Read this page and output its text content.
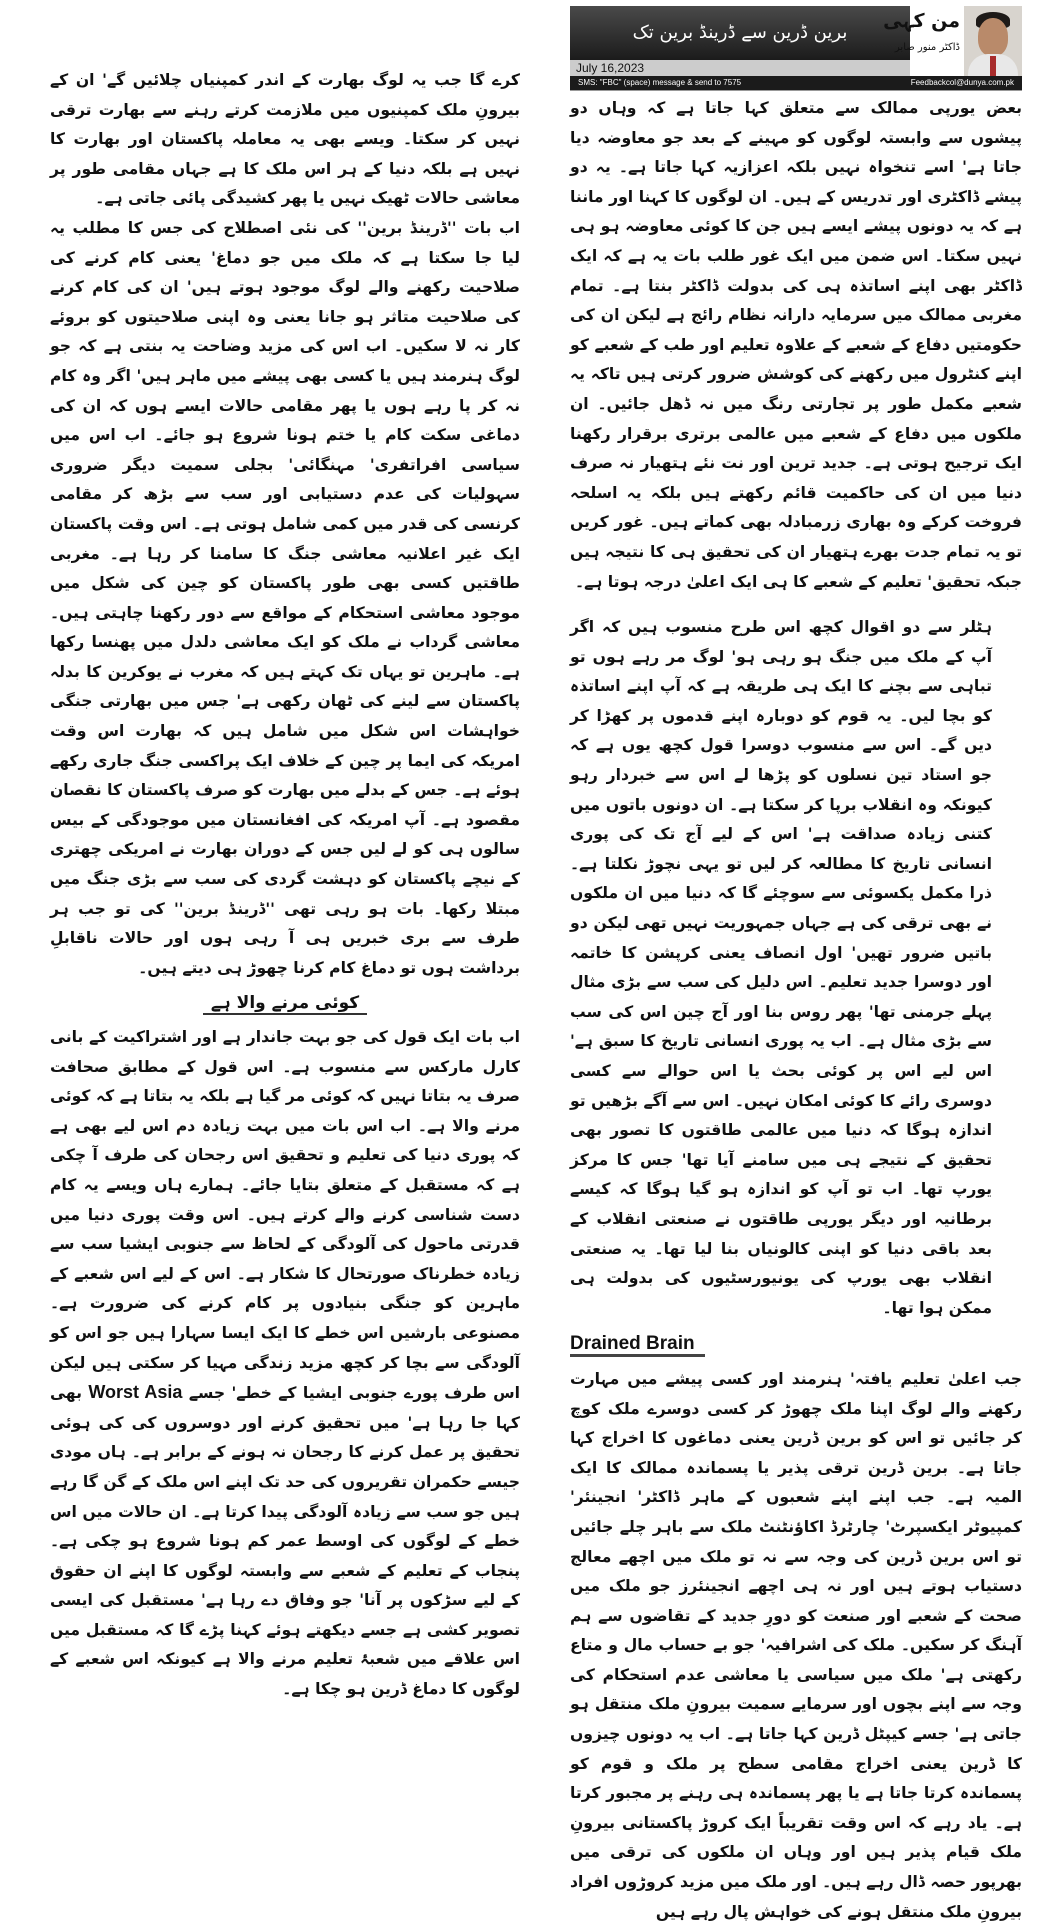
برین ڈرین سے ڈرینڈ برین تک
July 16,2023
SMS: "FBC" (space) message & send to 7575	Feedbackcol@dunya.com.pk
من کہی
ڈاکٹر منور صابر

بعض یورپی ممالک سے متعلق کہا جاتا ہے کہ وہاں دو پیشوں سے وابستہ لوگوں کو مہینے کے بعد جو معاوضہ دیا جاتا ہے' اسے تنخواہ نہیں بلکہ اعزازیہ کہا جاتا ہے۔ یہ دو پیشے ڈاکٹری اور تدریس کے ہیں۔ ان لوگوں کا کہنا اور ماننا ہے کہ یہ دونوں پیشے ایسے ہیں جن کا کوئی معاوضہ ہو ہی نہیں سکتا۔ اس ضمن میں ایک غور طلب بات یہ ہے کہ ایک ڈاکٹر بھی اپنے اساتذہ ہی کی بدولت ڈاکٹر بنتا ہے۔ تمام مغربی ممالک میں سرمایہ دارانہ نظام رائج ہے لیکن ان کی حکومتیں دفاع کے شعبے کے علاوہ تعلیم اور طب کے شعبے کو اپنے کنٹرول میں رکھنے کی کوشش ضرور کرتی ہیں تاکہ یہ شعبے مکمل طور پر تجارتی رنگ میں نہ ڈھل جائیں۔ ان ملکوں میں دفاع کے شعبے میں عالمی برتری برقرار رکھنا ایک ترجیح ہوتی ہے۔ جدید ترین اور نت نئے ہتھیار نہ صرف دنیا میں ان کی حاکمیت قائم رکھتے ہیں بلکہ یہ اسلحہ فروخت کرکے وہ بھاری زرمبادلہ بھی کماتے ہیں۔ غور کریں تو یہ تمام جدت بھرے ہتھیار ان کی تحقیق ہی کا نتیجہ ہیں جبکہ تحقیق' تعلیم کے شعبے کا ہی ایک اعلیٰ درجہ ہوتا ہے۔

ہٹلر سے دو اقوال کچھ اس طرح منسوب ہیں کہ اگر آپ کے ملک میں جنگ ہو رہی ہو' لوگ مر رہے ہوں تو تباہی سے بچنے کا ایک ہی طریقہ ہے کہ آپ اپنے اساتذہ کو بچا لیں۔ یہ قوم کو دوبارہ اپنے قدموں پر کھڑا کر دیں گے۔ اس سے منسوب دوسرا قول کچھ یوں ہے کہ جو استاد تین نسلوں کو پڑھا لے اس سے خبردار رہو کیونکہ وہ انقلاب برپا کر سکتا ہے۔ ان دونوں باتوں میں کتنی زیادہ صداقت ہے' اس کے لیے آج تک کی پوری انسانی تاریخ کا مطالعہ کر لیں تو یہی نچوڑ نکلتا ہے۔ ذرا مکمل یکسوئی سے سوچئے گا کہ دنیا میں ان ملکوں نے بھی ترقی کی ہے جہاں جمہوریت نہیں تھی لیکن دو باتیں ضرور تھیں' اول انصاف یعنی کرپشن کا خاتمہ اور دوسرا جدید تعلیم۔ اس دلیل کی سب سے بڑی مثال پہلے جرمنی تھا' پھر روس بنا اور آج چین اس کی سب سے بڑی مثال ہے۔ اب یہ پوری انسانی تاریخ کا سبق ہے' اس لیے اس پر کوئی بحث یا اس حوالے سے کسی دوسری رائے کا کوئی امکان نہیں۔ اس سے آگے بڑھیں تو اندازہ ہوگا کہ دنیا میں عالمی طاقتوں کا تصور بھی تحقیق کے نتیجے ہی میں سامنے آیا تھا' جس کا مرکز یورپ تھا۔ اب تو آپ کو اندازہ ہو گیا ہوگا کہ کیسے برطانیہ اور دیگر یورپی طاقتوں نے صنعتی انقلاب کے بعد باقی دنیا کو اپنی کالونیاں بنا لیا تھا۔ یہ صنعتی انقلاب بھی یورپ کی یونیورسٹیوں کی بدولت ہی ممکن ہوا تھا۔

Drained Brain

جب اعلیٰ تعلیم یافتہ' ہنرمند اور کسی پیشے میں مہارت رکھنے والے لوگ اپنا ملک چھوڑ کر کسی دوسرے ملک کوچ کر جائیں تو اس کو برین ڈرین یعنی دماغوں کا اخراج کہا جاتا ہے۔ برین ڈرین ترقی پذیر یا پسماندہ ممالک کا ایک المیہ ہے۔ جب اپنے اپنے شعبوں کے ماہر ڈاکٹر' انجینئر' کمپیوٹر ایکسپرٹ' چارٹرڈ اکاؤنٹنٹ ملک سے باہر چلے جائیں تو اس برین ڈرین کی وجہ سے نہ تو ملک میں اچھے معالج دستیاب ہوتے ہیں اور نہ ہی اچھے انجینئرز جو ملک میں صحت کے شعبے اور صنعت کو دورِ جدید کے تقاضوں سے ہم آہنگ کر سکیں۔ ملک کی اشرافیہ' جو بے حساب مال و متاع رکھتی ہے' ملک میں سیاسی یا معاشی عدم استحکام کی وجہ سے اپنے بچوں اور سرمایے سمیت بیرونِ ملک منتقل ہو جاتی ہے' جسے کیپٹل ڈرین کہا جاتا ہے۔ اب یہ دونوں چیزوں کا ڈرین یعنی اخراج مقامی سطح پر ملک و قوم کو پسماندہ کرتا جاتا ہے یا پھر پسماندہ ہی رہنے پر مجبور کرتا ہے۔ یاد رہے کہ اس وقت تقریباً ایک کروڑ پاکستانی بیرونِ ملک قیام پذیر ہیں اور وہاں ان ملکوں کی ترقی میں بھرپور حصہ ڈال رہے ہیں۔ اور ملک میں مزید کروڑوں افراد بیرونِ ملک منتقل ہونے کی خواہش پال رہے ہیں

کرے گا جب یہ لوگ بھارت کے اندر کمپنیاں چلائیں گے' ان کے بیرونِ ملک کمپنیوں میں ملازمت کرتے رہنے سے بھارت ترقی نہیں کر سکتا۔ ویسے بھی یہ معاملہ پاکستان اور بھارت کا نہیں ہے بلکہ دنیا کے ہر اس ملک کا ہے جہاں مقامی طور پر معاشی حالات ٹھیک نہیں یا پھر کشیدگی پائی جاتی ہے۔

اب بات ''ڈرینڈ برین'' کی نئی اصطلاح کی جس کا مطلب یہ لیا جا سکتا ہے کہ ملک میں جو دماغ' یعنی کام کرنے کی صلاحیت رکھنے والے لوگ موجود ہوتے ہیں' ان کی کام کرنے کی صلاحیت متاثر ہو جانا یعنی وہ اپنی صلاحیتوں کو بروئے کار نہ لا سکیں۔ اب اس کی مزید وضاحت یہ بنتی ہے کہ جو لوگ ہنرمند ہیں یا کسی بھی پیشے میں ماہر ہیں' اگر وہ کام نہ کر پا رہے ہوں یا پھر مقامی حالات ایسے ہوں کہ ان کی دماغی سکت کام یا ختم ہونا شروع ہو جائے۔ اب اس میں سیاسی افراتفری' مہنگائی' بجلی سمیت دیگر ضروری سہولیات کی عدم دستیابی اور سب سے بڑھ کر مقامی کرنسی کی قدر میں کمی شامل ہوتی ہے۔ اس وقت پاکستان ایک غیر اعلانیہ معاشی جنگ کا سامنا کر رہا ہے۔ مغربی طاقتیں کسی بھی طور پاکستان کو چین کی شکل میں موجود معاشی استحکام کے مواقع سے دور رکھنا چاہتی ہیں۔ معاشی گرداب نے ملک کو ایک معاشی دلدل میں پھنسا رکھا ہے۔ ماہرین تو یہاں تک کہتے ہیں کہ مغرب نے یوکرین کا بدلہ پاکستان سے لینے کی ٹھان رکھی ہے' جس میں بھارتی جنگی خواہشات اس شکل میں شامل ہیں کہ بھارت اس وقت امریکہ کی ایما پر چین کے خلاف ایک پراکسی جنگ جاری رکھے ہوئے ہے۔ جس کے بدلے میں بھارت کو صرف پاکستان کا نقصان مقصود ہے۔ آپ امریکہ کی افغانستان میں موجودگی کے بیس سالوں ہی کو لے لیں جس کے دوران بھارت نے امریکی چھتری کے نیچے پاکستان کو دہشت گردی کی سب سے بڑی جنگ میں مبتلا رکھا۔ بات ہو رہی تھی ''ڈرینڈ برین'' کی تو جب ہر طرف سے بری خبریں ہی آ رہی ہوں اور حالات ناقابلِ برداشت ہوں تو دماغ کام کرنا چھوڑ ہی دیتے ہیں۔

کوئی مرنے والا ہے

اب بات ایک قول کی جو بہت جاندار ہے اور اشتراکیت کے بانی کارل مارکس سے منسوب ہے۔ اس قول کے مطابق صحافت صرف یہ بتاتا نہیں کہ کوئی مر گیا ہے بلکہ یہ بتاتا ہے کہ کوئی مرنے والا ہے۔ اب اس بات میں بہت زیادہ دم اس لیے بھی ہے کہ پوری دنیا کی تعلیم و تحقیق اس رجحان کی طرف آ چکی ہے کہ مستقبل کے متعلق بتایا جائے۔ ہمارے ہاں ویسے یہ کام دست شناسی کرنے والے کرتے ہیں۔ اس وقت پوری دنیا میں قدرتی ماحول کی آلودگی کے لحاظ سے جنوبی ایشیا سب سے زیادہ خطرناک صورتحال کا شکار ہے۔ اس کے لیے اس شعبے کے ماہرین کو جنگی بنیادوں پر کام کرنے کی ضرورت ہے۔ مصنوعی بارشیں اس خطے کا ایک ایسا سہارا ہیں جو اس کو آلودگی سے بچا کر کچھ مزید زندگی مہیا کر سکتی ہیں لیکن اس طرف پورے جنوبی ایشیا کے خطے' جسے Worst Asia بھی کہا جا رہا ہے' میں تحقیق کرنے اور دوسروں کی کی ہوئی تحقیق پر عمل کرنے کا رجحان نہ ہونے کے برابر ہے۔ ہاں مودی جیسے حکمران تقریروں کی حد تک اپنے اس ملک کے گن گا رہے ہیں جو سب سے زیادہ آلودگی پیدا کرتا ہے۔ ان حالات میں اس خطے کے لوگوں کی اوسط عمر کم ہونا شروع ہو چکی ہے۔ پنجاب کے تعلیم کے شعبے سے وابستہ لوگوں کا اپنے ان حقوق کے لیے سڑکوں پر آنا' جو وفاق دے رہا ہے' مستقبل کی ایسی تصویر کشی ہے جسے دیکھتے ہوئے کہنا پڑے گا کہ مستقبل میں اس علاقے میں شعبۂ تعلیم مرنے والا ہے کیونکہ اس شعبے کے لوگوں کا دماغ ڈرین ہو چکا ہے۔
